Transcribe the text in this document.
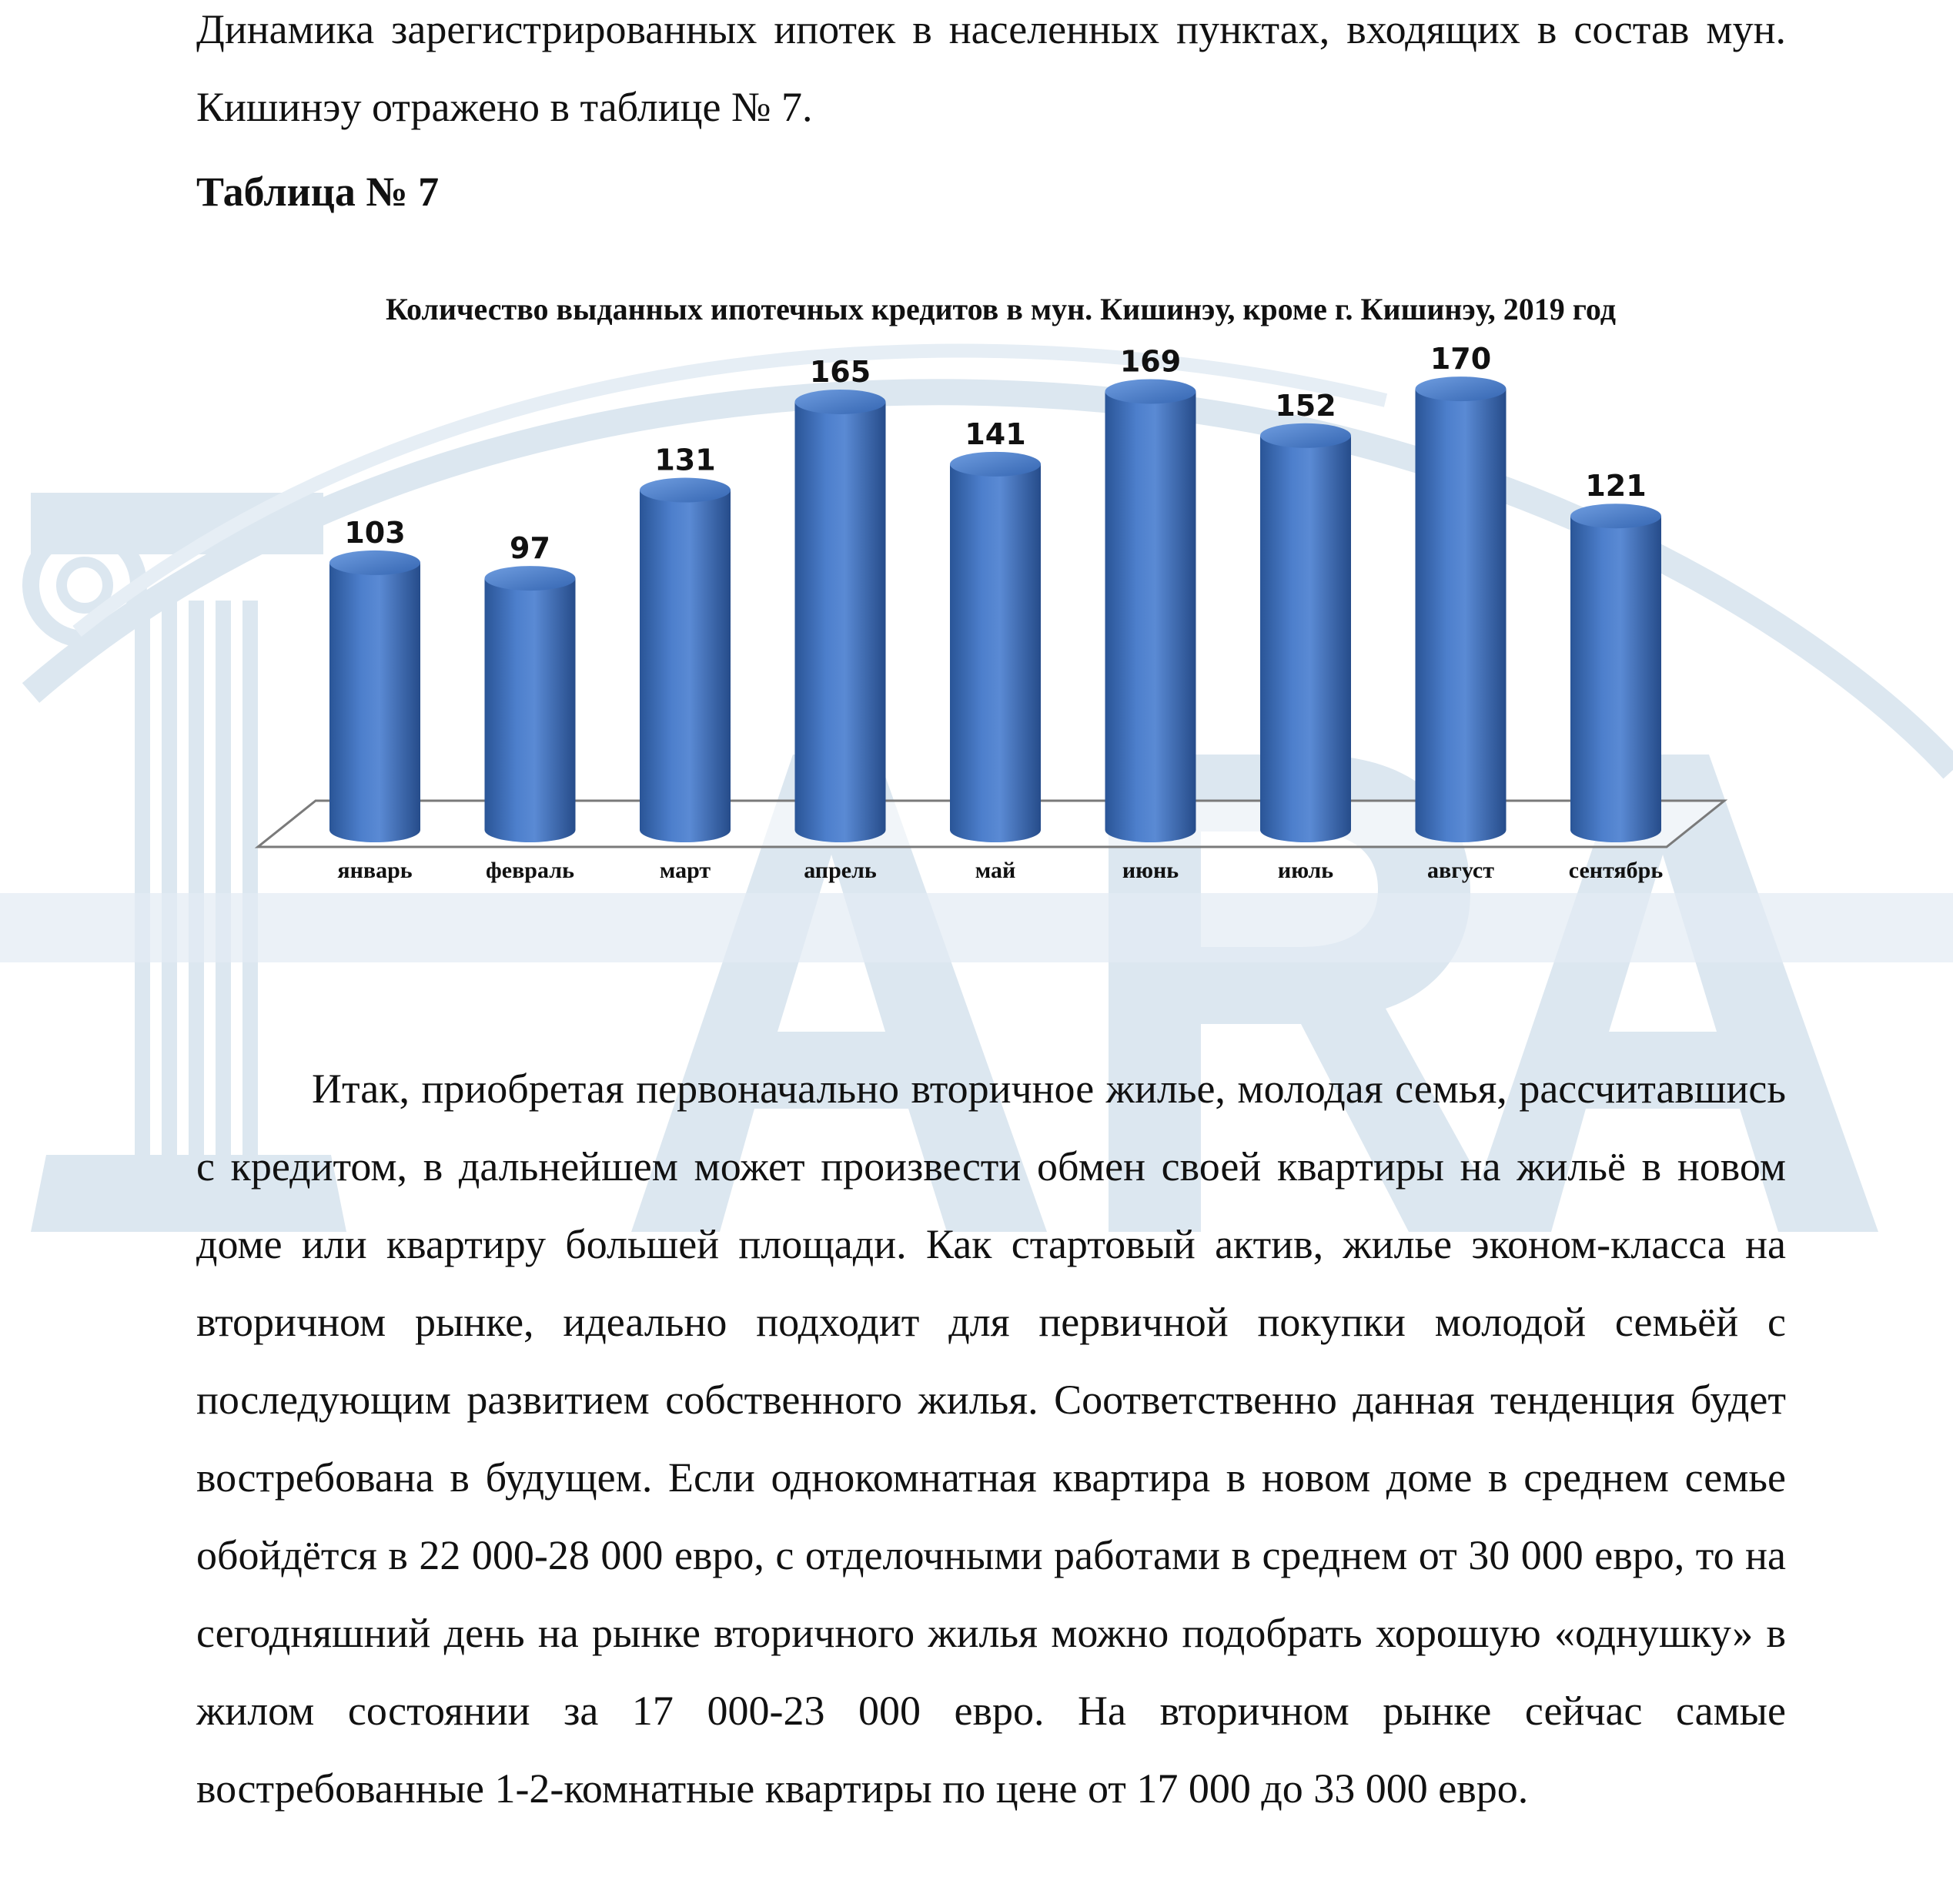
Динамика зарегистрированных ипотек в населенных пунктах, входящих в состав мун. Кишинэу отражено в таблице № 7.

Таблица № 7

Итак, приобретая первоначально вторичное жилье, молодая семья, рассчитавшись с кредитом, в дальнейшем может произвести обмен своей квартиры на жильё в новом доме или квартиру большей площади. Как стартовый актив, жилье эконом-класса на вторичном рынке, идеально подходит для первичной покупки молодой семьёй с последующим развитием собственного жилья. Соответственно данная тенденция будет востребована в будущем. Если однокомнатная квартира в новом доме в среднем семье обойдётся в 22 000-28 000 евро, с отделочными работами в среднем от 30 000 евро, то на сегодняшний день на рынке вторичного жилья можно подобрать хорошую «однушку» в жилом состоянии за 17 000-23 000 евро. На вторичном рынке сейчас самые востребованные 1-2-комнатные квартиры по цене от 17 000 до 33 000 евро.

Количество выданных ипотечных кредитов в мун. Кишинэу, кроме г. Кишинэу, 2019 год
103	97
131
165
141
169
152
170
121
январь	февраль	март	апрель	май	июнь	июль	август	сентябрь
